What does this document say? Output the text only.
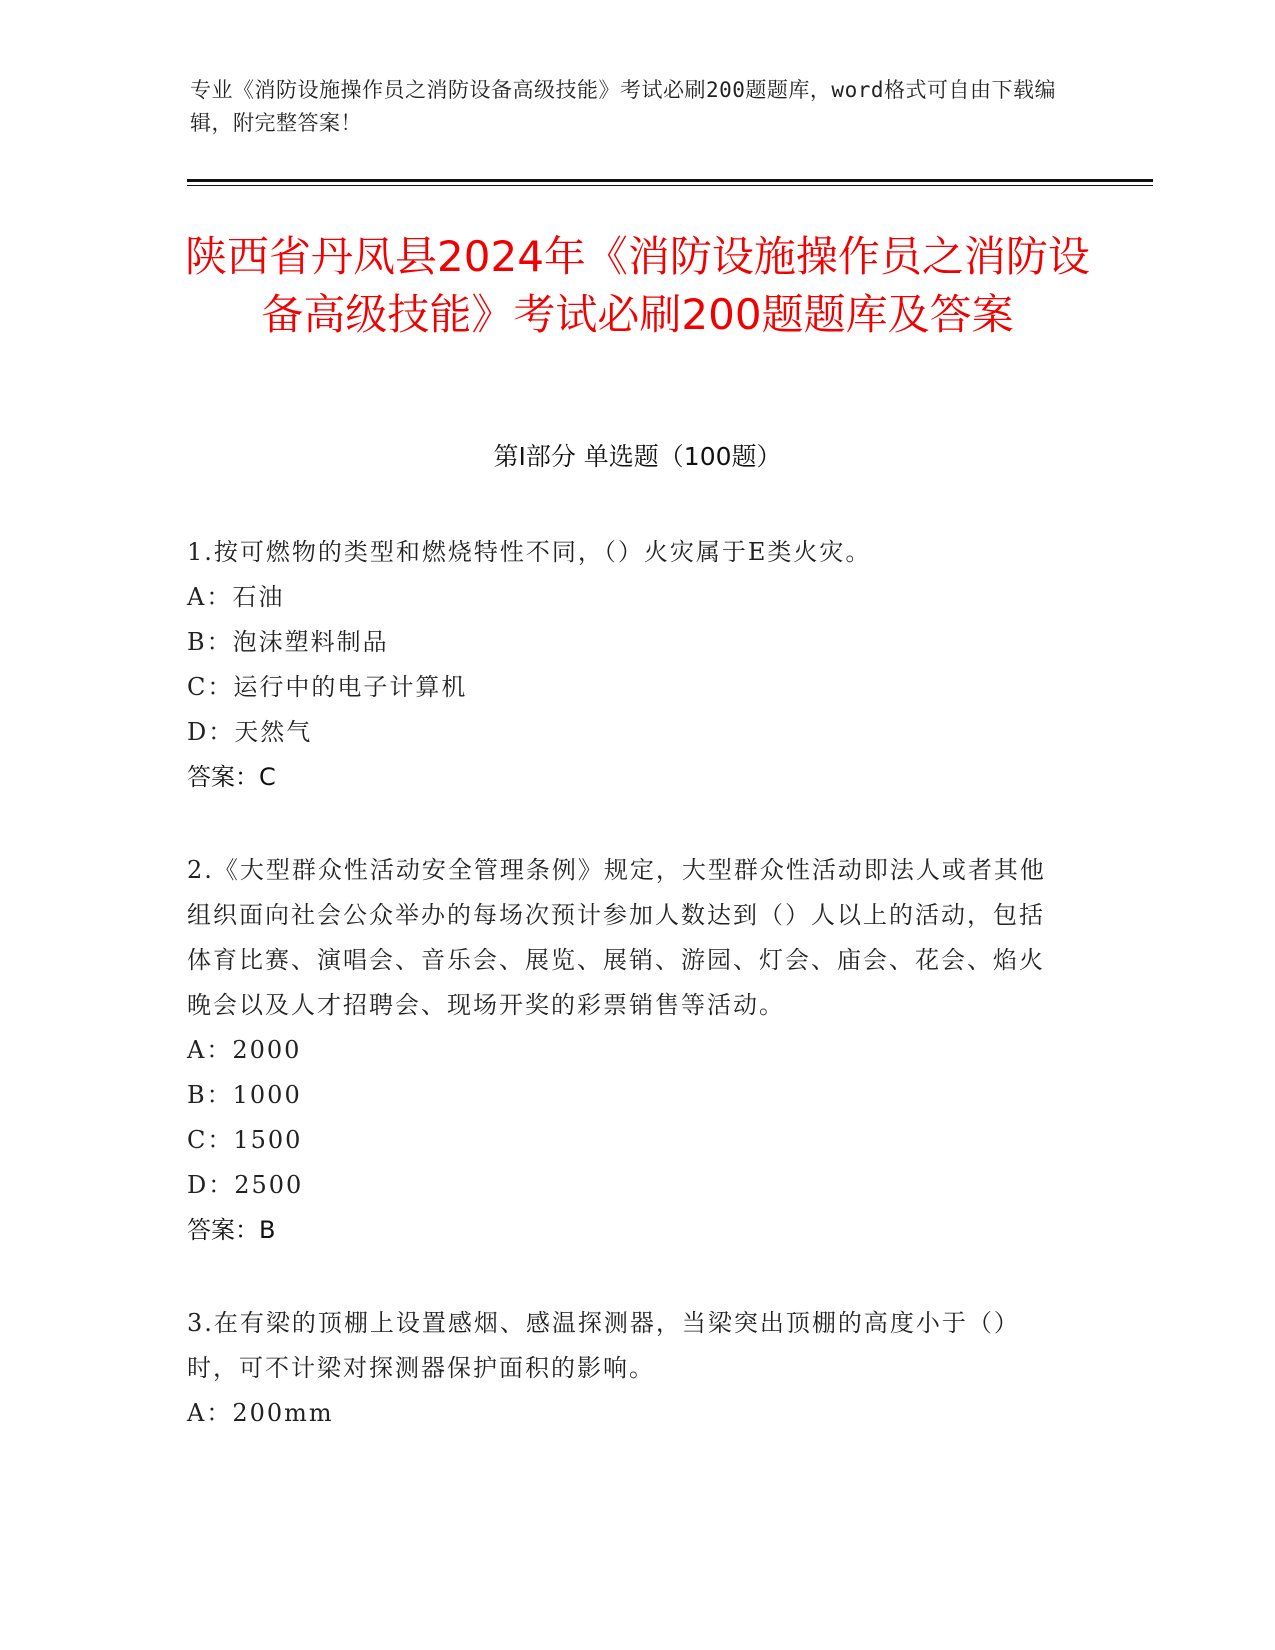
专业《消防设施操作员之消防设备高级技能》考试必刷200题题库，word格式可自由下载编辑，附完整答案！
陕西省丹凤县2024年《消防设施操作员之消防设备高级技能》考试必刷200题题库及答案
第I部分 单选题（100题）

1.按可燃物的类型和燃烧特性不同，（）火灾属于E类火灾。

A：石油

B：泡沫塑料制品

C：运行中的电子计算机

D：天然气

答案：C

2.《大型群众性活动安全管理条例》规定，大型群众性活动即法人或者其他组织面向社会公众举办的每场次预计参加人数达到（）人以上的活动，包括体育比赛、演唱会、音乐会、展览、展销、游园、灯会、庙会、花会、焰火晚会以及人才招聘会、现场开奖的彩票销售等活动。

A：2000

B：1000

C：1500

D：2500

答案：B

3.在有梁的顶棚上设置感烟、感温探测器，当梁突出顶棚的高度小于（）时，可不计梁对探测器保护面积的影响。

A：200mm
